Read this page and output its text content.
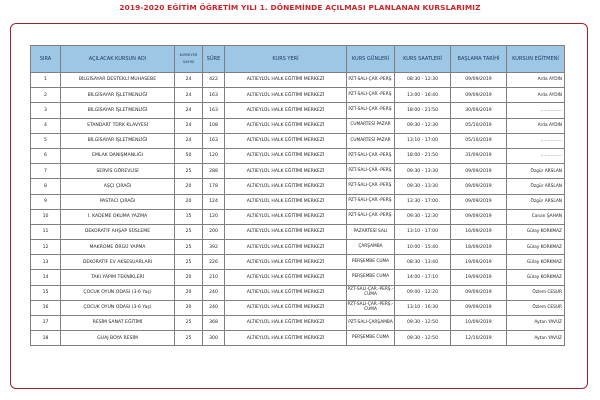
2019-2020 EĞİTİM ÖĞRETİM YILI 1. DÖNEMİNDE AÇILMASI PLANLANAN KURSLARIMIZ
SIRA	AÇILACAK KURSUN ADI	KURSİYER SAYISI	SÜRE	KURS YERİ	KURS GÜNLERİ	KURS SAATLERİ	BAŞLAMA TARİHİ	KURSUN EĞİTMENİ
1	BİLGİSAYAR DESTEKLİ MUHASEBE	24	422	ALTIEYLÜL HALK EĞİTİMİ MERKEZİ	PZT-SALI-ÇAR.-PERŞ.	08:30 - 12:30	09/09/2019	Arda AYDIN
2	BİLGİSAYAR İŞLETMENLİĞİ	24	163	ALTIEYLÜL HALK EĞİTİMİ MERKEZİ	PZT-SALI-ÇAR.-PERŞ.	13:00 - 16:40	09/09/2019	Arda AYDIN
3	BİLGİSAYAR İŞLETMENLİĞİ	24	163	ALTIEYLÜL HALK EĞİTİMİ MERKEZİ	PZT-SALI-ÇAR.-PERŞ.	18:00 - 21:50	30/09/2019	……………
4	STANDART TÜRK KLAVYESİ	24	108	ALTIEYLÜL HALK EĞİTİMİ MERKEZİ	CUMARTESİ PAZAR	09:30 - 12:30	05/10/2019	Arda AYDIN
5	BİLGİSAYAR İŞLETMENLİĞİ	24	163	ALTIEYLÜL HALK EĞİTİMİ MERKEZİ	CUMARTESİ PAZAR	13:10 - 17:00	05/10/2019	……………
6	EMLAK DANIŞMANLIĞI	50	120	ALTIEYLÜL HALK EĞİTİMİ MERKEZİ	PZT-SALI-ÇAR.-PERŞ.	18:00 - 21:50	31/09/2019	……………
7	SERVİS GÖREVLİSİ	25	288	ALTIEYLÜL HALK EĞİTİMİ MERKEZİ	PZT-SALI-ÇAR.-PERŞ.	09:30 - 13:30	09/09/2019	Özgür ARSLAN
8	AŞÇI ÇIRAĞI	20	178	ALTIEYLÜL HALK EĞİTİMİ MERKEZİ	PZT-SALI-ÇAR.-PERŞ.	09:30 - 13:30	09/09/2019	Özgür ARSLAN
9	PASTACI ÇIRAĞI	20	124	ALTIEYLÜL HALK EĞİTİMİ MERKEZİ	PZT-SALI-ÇAR.-PERŞ.	13:30 - 17:00	09/09/2019	Özgür ARSLAN
10	I. KADEME OKUMA YAZMA	15	120	ALTIEYLÜL HALK EĞİTİMİ MERKEZİ	PZT-SALI-ÇAR.-PERŞ.	09:30 - 12:30	09/09/2019	Canan ŞAHAN
11	DEKORATİF AHŞAP SÜSLEME	25	200	ALTIEYLÜL HALK EĞİTİMİ MERKEZİ	PAZARTESİ SALI	13:10 - 17:00	16/09/2019	Gülay KORKMAZ
12	MAKROME ÖRGÜ YAPMA	25	392	ALTIEYLÜL HALK EĞİTİMİ MERKEZİ	ÇARŞAMBA	10:00 - 15:40	18/09/2019	Gülay KORKMAZ
13	DEKORATİF EV AKSESUARLARI	25	226	ALTIEYLÜL HALK EĞİTİMİ MERKEZİ	PERŞEMBE CUMA	08:30 - 13:40	19/09/2019	Gülay KORKMAZ
14	TAKI YAPIM TEKNİKLERİ	20	210	ALTIEYLÜL HALK EĞİTİMİ MERKEZİ	PERŞEMBE CUMA	14:00 - 17:10	19/09/2019	Gülay KORKMAZ
15	ÇOCUK OYUN ODASI (3-6 Yaş)	20	240	ALTIEYLÜL HALK EĞİTİMİ MERKEZİ	PZT-SALI-ÇAR.-PERŞ.-CUMA	09:00 - 12:20	09/09/2019	Özlem CESUR
16	ÇOCUK OYUN ODASI (3-6 Yaş)	20	240	ALTIEYLÜL HALK EĞİTİMİ MERKEZİ	PZT-SALI-ÇAR.-PERŞ.-CUMA	13:10 - 16:30	09/09/2019	Özlem CESUR
17	RESİM SANAT EĞİTİMİ	25	368	ALTIEYLÜL HALK EĞİTİMİ MERKEZİ	PZT-SALI-ÇARŞAMBA	09:30 - 12:50	10/09/2019	Aytan YAVUZ
18	GUAJ BOYA RESİM	25	300	ALTIEYLÜL HALK EĞİTİMİ MERKEZİ	PERŞEMBE CUMA	09:30 - 12:50	12/10/2019	Aytan YAVUZ
